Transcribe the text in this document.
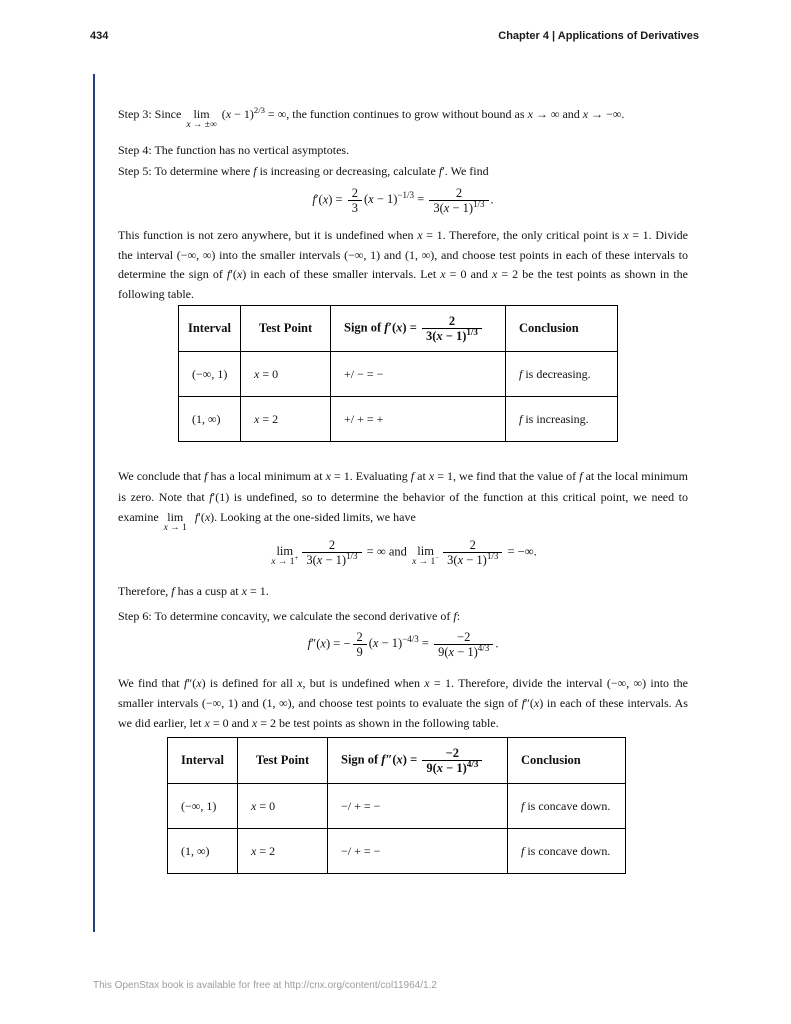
434	Chapter 4 | Applications of Derivatives
Step 3: Since	lim
x → ±∞
$(x - 1)^{2/3}$ = ∞, the function continues to grow without bound as x → ∞ and x → −∞.
Step 4: The function has no vertical asymptotes.
Step 5: To determine where f is increasing or decreasing, calculate f′. We find
$f'(x) = \frac{2}{3} (x - 1)^{-1/3} = \frac{2}{3(x - 1)^{1/3}}$ .
This function is not zero anywhere, but it is undefined when x = 1. Therefore, the only critical point is x = 1. Divide the interval (−∞, ∞) into the smaller intervals (−∞, 1) and (1, ∞), and choose test points in each of these intervals to determine the sign of f′(x) in each of these smaller intervals. Let x = 0 and x = 2 be the test points as shown in the following table.
Interval	Test Point	Sign of $f'(x) = \frac{2}{3(x - 1)^{1/3}}$	Conclusion
(−∞, 1)	x = 0	+/ − = −	f is decreasing.
(1, ∞)	x = 2	+/ + = +	f is increasing.
We conclude that f has a local minimum at x = 1. Evaluating f at x = 1, we find that the value of f at the local minimum is zero. Note that f′(1) is undefined, so to determine the behavior of the function at this critical point, we need to examine lim
x → 1
f′(x). Looking at the one-sided limits, we have
lim
$x \to 1^+ \frac{2}{3(x - 1)^{1/3}}$ = ∞ and lim
$x \to 1^- \frac{2}{3(x - 1)^{1/3}}$ = −∞.
Therefore, f has a cusp at x = 1.
Step 6: To determine concavity, we calculate the second derivative of f:
f″(x) = − $\frac{2}{9} (x - 1)^{-4/3} = \frac{-2}{9(x - 1)^{4/3}}$ .
We find that f″(x) is defined for all x, but is undefined when x = 1. Therefore, divide the interval (−∞, ∞) into the smaller intervals (−∞, 1) and (1, ∞), and choose test points to evaluate the sign of f″(x) in each of these intervals. As we did earlier, let x = 0 and x = 2 be test points as shown in the following table.
Interval	Test Point	Sign of $f''(x) = \frac{-2}{9(x - 1)^{4/3}}$	Conclusion
(−∞, 1)	x = 0	−/ + = −	f is concave down.
(1, ∞)	x = 2	−/ + = −	f is concave down.
This OpenStax book is available for free at http://cnx.org/content/col11964/1.2
